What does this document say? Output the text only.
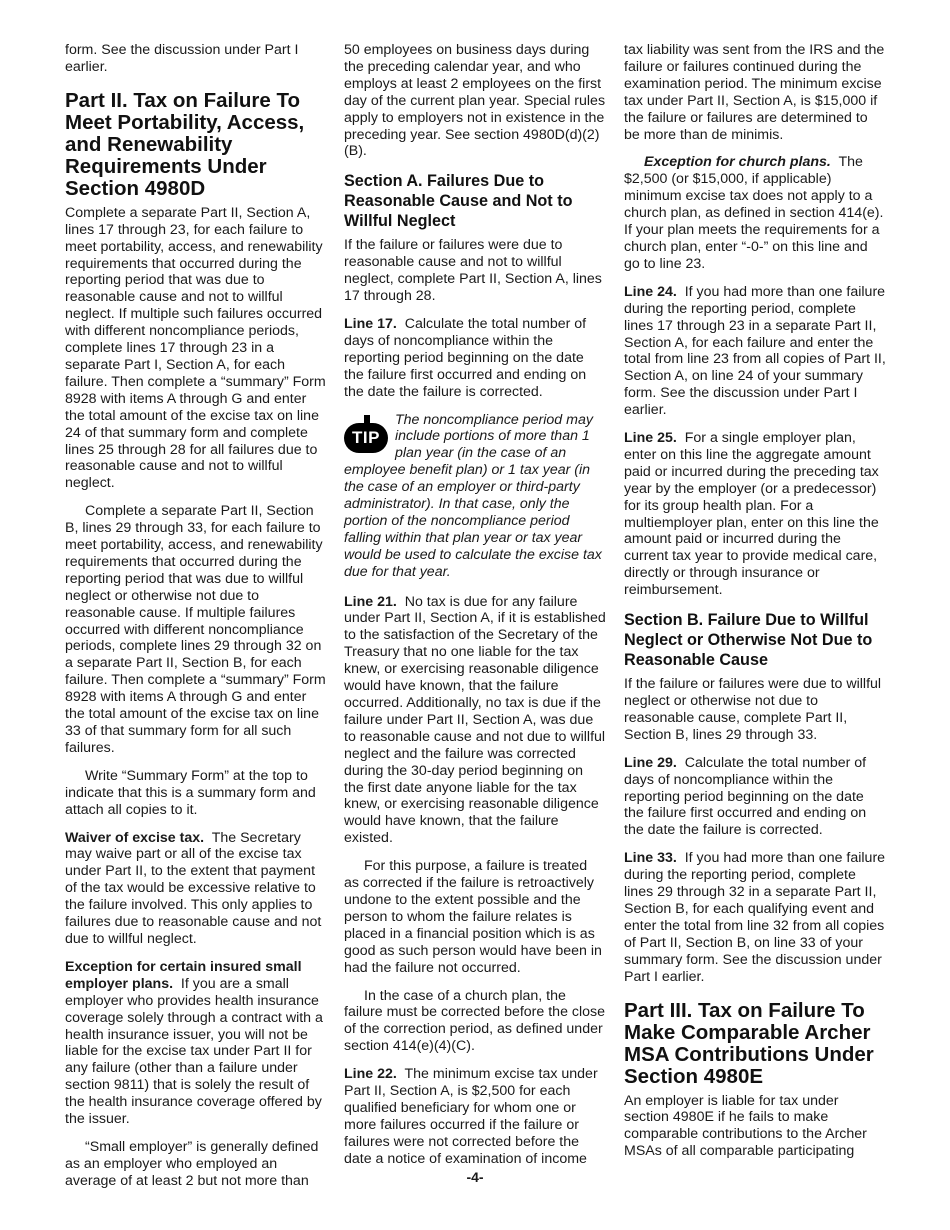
form. See the discussion under Part I earlier.

Part II. Tax on Failure To Meet Portability, Access, and Renewability Requirements Under Section 4980D

Complete a separate Part II, Section A, lines 17 through 23, for each failure to meet portability, access, and renewability requirements that occurred during the reporting period that was due to reasonable cause and not to willful neglect. If multiple such failures occurred with different noncompliance periods, complete lines 17 through 23 in a separate Part I, Section A, for each failure. Then complete a “summary” Form 8928 with items A through G and enter the total amount of the excise tax on line 24 of that summary form and complete lines 25 through 28 for all failures due to reasonable cause and not to willful neglect.

Complete a separate Part II, Section B, lines 29 through 33, for each failure to meet portability, access, and renewability requirements that occurred during the reporting period that was due to willful neglect or otherwise not due to reasonable cause. If multiple failures occurred with different noncompliance periods, complete lines 29 through 32 on a separate Part II, Section B, for each failure. Then complete a “summary” Form 8928 with items A through G and enter the total amount of the excise tax on line 33 of that summary form for all such failures.

Write “Summary Form” at the top to indicate that this is a summary form and attach all copies to it.

Waiver of excise tax. The Secretary may waive part or all of the excise tax under Part II, to the extent that payment of the tax would be excessive relative to the failure involved. This only applies to failures due to reasonable cause and not due to willful neglect.

Exception for certain insured small employer plans. If you are a small employer who provides health insurance coverage solely through a contract with a health insurance issuer, you will not be liable for the excise tax under Part II for any failure (other than a failure under section 9811) that is solely the result of the health insurance coverage offered by the issuer.

“Small employer” is generally defined as an employer who employed an average of at least 2 but not more than

50 employees on business days during the preceding calendar year, and who employs at least 2 employees on the first day of the current plan year. Special rules apply to employers not in existence in the preceding year. See section 4980D(d)(2)(B).

Section A. Failures Due to Reasonable Cause and Not to Willful Neglect

If the failure or failures were due to reasonable cause and not to willful neglect, complete Part II, Section A, lines 17 through 28.

Line 17. Calculate the total number of days of noncompliance within the reporting period beginning on the date the failure first occurred and ending on the date the failure is corrected.

TIP
The noncompliance period may include portions of more than 1 plan year (in the case of an employee benefit plan) or 1 tax year (in the case of an employer or third-party administrator). In that case, only the portion of the noncompliance period falling within that plan year or tax year would be used to calculate the excise tax due for that year.

Line 21. No tax is due for any failure under Part II, Section A, if it is established to the satisfaction of the Secretary of the Treasury that no one liable for the tax knew, or exercising reasonable diligence would have known, that the failure occurred. Additionally, no tax is due if the failure under Part II, Section A, was due to reasonable cause and not due to willful neglect and the failure was corrected during the 30-day period beginning on the first date anyone liable for the tax knew, or exercising reasonable diligence would have known, that the failure existed.

For this purpose, a failure is treated as corrected if the failure is retroactively undone to the extent possible and the person to whom the failure relates is placed in a financial position which is as good as such person would have been in had the failure not occurred.

In the case of a church plan, the failure must be corrected before the close of the correction period, as defined under section 414(e)(4)(C).

Line 22. The minimum excise tax under Part II, Section A, is $2,500 for each qualified beneficiary for whom one or more failures occurred if the failure or failures were not corrected before the date a notice of examination of income

tax liability was sent from the IRS and the failure or failures continued during the examination period. The minimum excise tax under Part II, Section A, is $15,000 if the failure or failures are determined to be more than de minimis.

Exception for church plans. The $2,500 (or $15,000, if applicable) minimum excise tax does not apply to a church plan, as defined in section 414(e). If your plan meets the requirements for a church plan, enter “-0-” on this line and go to line 23.

Line 24. If you had more than one failure during the reporting period, complete lines 17 through 23 in a separate Part II, Section A, for each failure and enter the total from line 23 from all copies of Part II, Section A, on line 24 of your summary form. See the discussion under Part I earlier.

Line 25. For a single employer plan, enter on this line the aggregate amount paid or incurred during the preceding tax year by the employer (or a predecessor) for its group health plan. For a multiemployer plan, enter on this line the amount paid or incurred during the current tax year to provide medical care, directly or through insurance or reimbursement.

Section B. Failure Due to Willful Neglect or Otherwise Not Due to Reasonable Cause

If the failure or failures were due to willful neglect or otherwise not due to reasonable cause, complete Part II, Section B, lines 29 through 33.

Line 29. Calculate the total number of days of noncompliance within the reporting period beginning on the date the failure first occurred and ending on the date the failure is corrected.

Line 33. If you had more than one failure during the reporting period, complete lines 29 through 32 in a separate Part II, Section B, for each qualifying event and enter the total from line 32 from all copies of Part II, Section B, on line 33 of your summary form. See the discussion under Part I earlier.

Part III. Tax on Failure To Make Comparable Archer MSA Contributions Under Section 4980E

An employer is liable for tax under section 4980E if he fails to make comparable contributions to the Archer MSAs of all comparable participating

-4-
